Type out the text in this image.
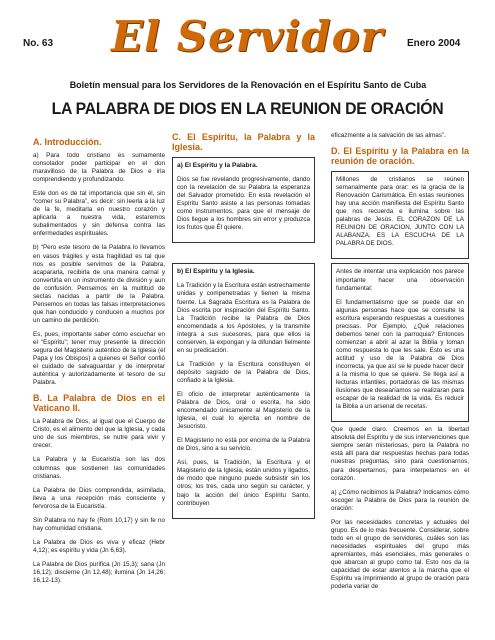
No. 63	El Servidor	Enero 2004
Boletín mensual para los Servidores de la Renovación en el Espíritu Santo de Cuba
LA PALABRA DE DIOS EN LA REUNION DE ORACIÓN
A. Introducción.

a) Para todo cristiano es sumamente consolador poder participar en el don maravilloso de la Palabra de Dios e irla comprendiendo y profundizando.

Este don es de tal importancia que sin él, sin “comer su Palabra”, es decir: sin leerla a la luz de la fe, meditarla en nuestro corazón y aplicarla a nuestra vida, estaremos subalimentados y sin defensa contra las enfermedades espirituales.

b) “Pero este tesoro de la Palabra lo llevamos en vasos frágiles y esta fragilidad es tal que nos es posible servirnos de la Palabra, acapararla, recibirla de una manera carnal y convertirla en un instrumento de división y aun de confusión. Pensemos en la multitud de sectas nacidas a partir de la Palabra. Pensemos en todas las falsas interpretaciones que han conducido y conducen a muchos por un camino de perdición.

Es, pues, importante saber cómo escuchar en el “Espíritu”; tener muy presente la dirección segura del Magisterio auténtico de la Iglesia (el Papa y los Obispos) a quienes el Señor confió el cuidado de salvaguardar y de interpretar auténtica y autorizadamente el tesoro de su Palabra.

B. La Palabra de Dios en el Vaticano II.

La Palabra de Dios, al igual que el Cuerpo de Cristo, es el alimento del que la Iglesia, y cada uno de sus miembros, se nutre para vivir y crecer.

La Palabra y la Eucaristía son las dos columnas que sostienen las comunidades cristianas.

La Palabra de Dios comprendida, asimilada, lleva a una recepción más consciente y fervorosa de la Eucaristía.

Sin Palabra no hay fe (Rom 10,17) y sin fe no hay comunidad cristiana.

La Palabra de Dios es viva y eficaz (Hebr 4,12); es espíritu y vida (Jn 6,63).

La Palabra de Dios purifica (Jn 15,3); sana (Jn 16,12); discierne (Jn 12,48); ilumina (Jn 14,26; 16,12-13).

C. El Espíritu, la Palabra y la Iglesia.
a) El Espíritu y la Palabra.

Dios se fue revelando progresivamente, dando con la revelación de su Palabra la esperanza del Salvador prometido. En esta revelación el Espíritu Santo asiste a las personas tomadas como instrumentos, para que el mensaje de Dios llegue a los hombres sin error y produzca los frutos que Él quiere.

b) El Espíritu y la Iglesia.

La Tradición y la Escritura están estrechamente unidas y compenetradas y tienen la misma fuente. La Sagrada Escritura es la Palabra de Dios escrita por inspiración del Espíritu Santo. La Tradición recibe la Palabra de Dios encomendada a los Apóstoles, y la transmite íntegra a sus sucesores, para que ellos la conserven, la expongan y la difundan fielmente en su predicación.

La Tradición y la Escritura constituyen el depósito sagrado de la Palabra de Dios, confiado a la Iglesia.

El oficio de interpretar auténticamente la Palabra de Dios, oral o escrita, ha sido encomendado únicamente al Magisterio de la Iglesia, el cual lo ejercita en nombre de Jesucristo.

El Magisterio no está por encima de la Palabra de Dios, sino a su servicio.

Así, pues, la Tradición, la Escritura y el Magisterio de la Iglesia, están unidos y ligados, de modo que ninguno puede subsistir sin los otros; los tres, cada uno según su carácter, y bajo la acción del único Espíritu Santo, contribuyen

eficazmente a la salvación de las almas”.

D. El Espíritu y la Palabra en la reunión de oración.

Millones de cristianos se reúnen semanalmente para orar: es la gracia de la Renovación Carismática. En estas reuniones hay una acción manifiesta del Espíritu Santo que nos recuerda e ilumina sobre las palabras de Jesús. EL CORAZON DE LA REUNION DE ORACION, JUNTO CON LA ALABANZA, ES LA ESCUCHA DE LA PALABRA DE DIOS.

Antes de intentar una explicación nos parece importante hacer una observación fundamental:

El fundamentalismo que se puede dar en algunas personas hace que se consulte la escritura esperando respuestas a cuestiones precisas. Por Ejemplo, ¿Qué relaciones debemos tener con la parroquia? Entonces comienzan a abrir al azar la Biblia y toman como respuesta lo que les sale. Esto es una actitud y uso de la Palabra de Dios incorrecta, ya que así se le puede hacer decir a la misma lo que se quiere. Se llega así a lecturas infantiles, portadoras de las mismas ilusiones que desearíamos se realizaran para escapar de la realidad de la vida. Es reducir la Biblia a un arsenal de recetas.

Que quede claro. Creemos en la libertad absoluta del Espíritu y de sus intervenciones que siempre serán misteriosas, pero la Palabra no está allí para dar respuestas hechas para todas nuestras preguntas, sino para cuestionarnos, para despertarnos, para interpelarnos en el corazón.

a) ¿Cómo recibimos la Palabra? Indicamos cómo escoger la Palabra de Dios para la reunión de oración:

Por las necesidades concretas y actuales del grupo. Es de lo más frecuente. Considerar, sobre todo en el grupo de servidores, cuáles son las necesidades espirituales del grupo más apremiantes, más esenciales, más generales o que abarcan al grupo como tal. Esto nos da la capacidad de estar atentos a la marcha que el Espíritu va imprimiendo al grupo de oración para poderla variar de
